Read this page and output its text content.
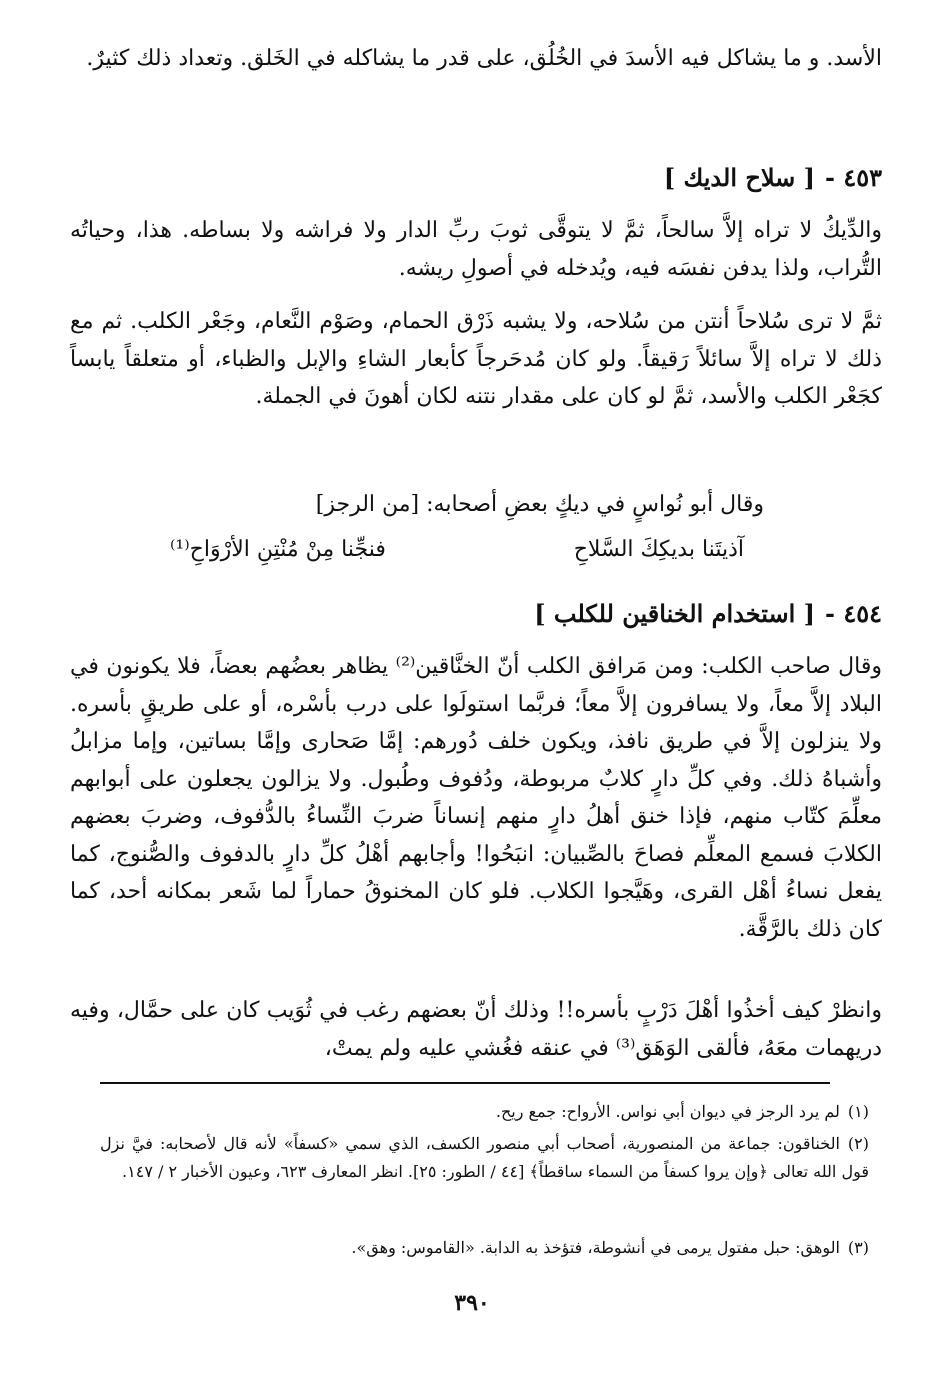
الأسد. و ما يشاكل فيه الأسدَ في الخُلُق، على قدر ما يشاكله في الخَلق. وتعداد ذلك كثيرٌ.

٤٥٣ -[ سلاح الديك ]

والدِّيكُ لا تراه إلاَّ سالحاً، ثمَّ لا يتوقَّى ثوبَ ربِّ الدار ولا فراشه ولا بساطه. هذا، وحياتُه التُّراب، ولذا يدفن نفسَه فيه، ويُدخله في أصولِ ريشه.

ثمَّ لا ترى سُلاحاً أنتن من سُلاحه، ولا يشبه ذَرْق الحمام، وصَوْم النَّعام، وجَعْر الكلب. ثم مع ذلك لا تراه إلاَّ سائلاً رَقيقاً. ولو كان مُدحَرجاً كأبعار الشاءِ والإبل والظباء، أو متعلقاً يابساً كجَعْر الكلب والأسد، ثمَّ لو كان على مقدار نتنه لكان أهونَ في الجملة.

وقال أبو نُواسٍ في ديكٍ بعضِ أصحابه: [من الرجز]
آذيتَنا بديكِكَ السَّلاحِ
فنجِّنا مِنْ مُنْتِنِ الأرْوَاحِ⁽¹⁾
٤٥٤ -[ استخدام الخناقين للكلب ]

وقال صاحب الكلب: ومن مَرافق الكلب أنّ الخنَّاقين⁽²⁾ يظاهر بعضُهم بعضاً، فلا يكونون في البلاد إلاَّ معاً، ولا يسافرون إلاَّ معاً؛ فربَّما استولَوا على درب بأسْره، أو على طريقٍ بأسره. ولا ينزلون إلاَّ في طريق نافذ، ويكون خلف دُورهم: إمَّا صَحارى وإمَّا بساتين، وإما مزابلُ وأشباهُ ذلك. وفي كلِّ دارٍ كلابٌ مربوطة، ودُفوف وطُبول. ولا يزالون يجعلون على أبوابهم معلِّمَ كتّاب منهم، فإذا خنق أهلُ دارٍ منهم إنساناً ضربَ النِّساءُ بالدُّفوف، وضربَ بعضهم الكلابَ فسمع المعلِّم فصاحَ بالصِّبيان: انبَحُوا! وأجابهم أهْلُ كلِّ دارٍ بالدفوف والصُّنوج، كما يفعل نساءُ أهْل القرى، وهَيَّجوا الكلاب. فلو كان المخنوقُ حماراً لما شَعر بمكانه أحد، كما كان ذلك بالرَّقَّة.

وانظرْ كيف أخذُوا أهْلَ دَرْبٍ بأسره!! وذلك أنّ بعضهم رغب في ثُوَيب كان على حمَّال، وفيه دريهمات معَهُ، فألقى الوَهَق⁽³⁾ في عنقه فغُشي عليه ولم يمتْ،

(١)لم يرد الرجز في ديوان أبي نواس. الأرواح: جمع ريح.
(٢)الخناقون: جماعة من المنصورية، أصحاب أبي منصور الكسف، الذي سمي «كسفاً» لأنه قال لأصحابه: فيَّ نزل قول الله تعالى ﴿وإن يروا كسفاً من السماء ساقطاً﴾ [٤٤ / الطور: ٢٥]. انظر المعارف ٦٢٣، وعيون الأخبار ٢ / ١٤٧.
(٣)الوهق: حبل مفتول يرمى في أنشوطة، فتؤخذ به الدابة. «القاموس: وهق».
٣٩٠
